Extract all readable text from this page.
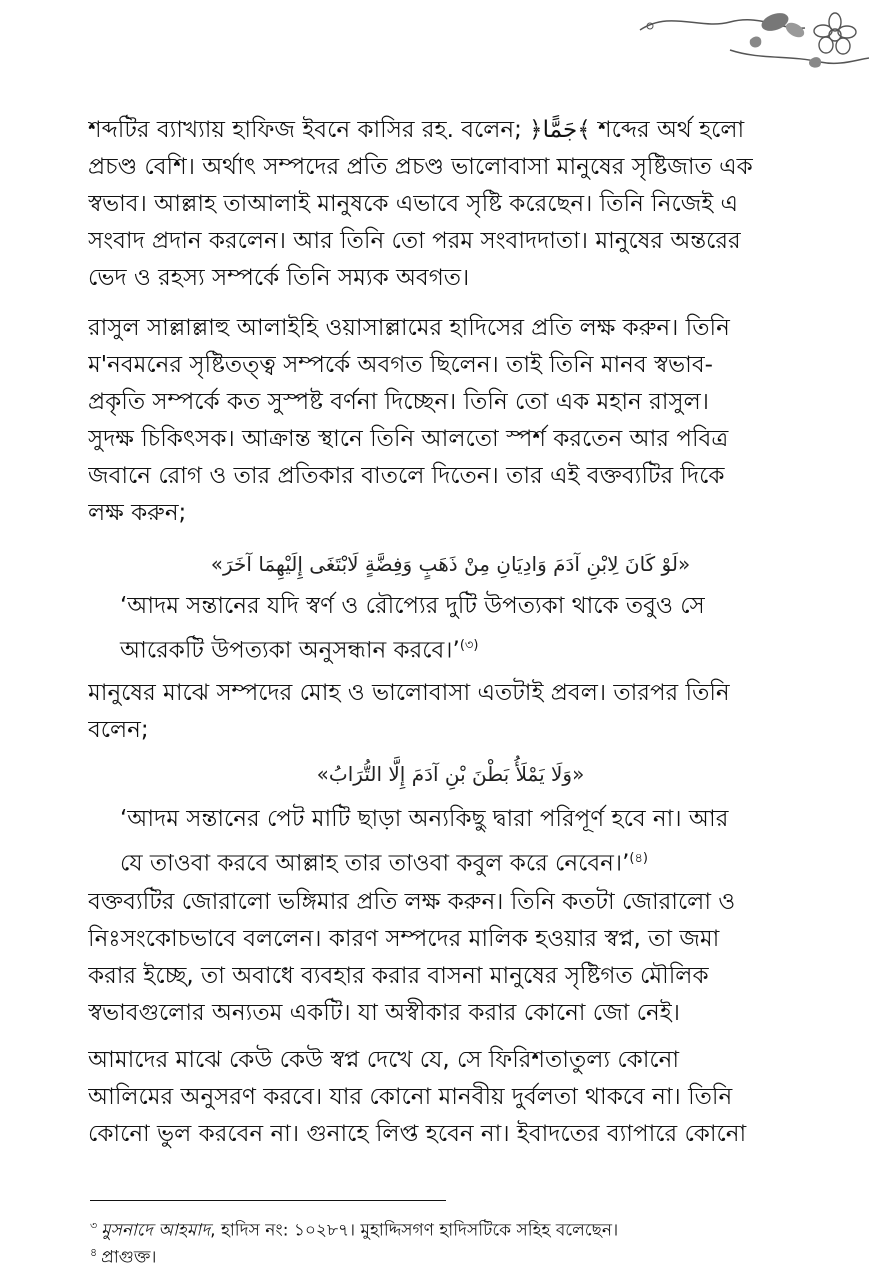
শব্দটির ব্যাখ্যায় হাফিজ ইবনে কাসির রহ. বলেন; ﴿جَمًّا﴾ শব্দের অর্থ হলো
প্রচণ্ড বেশি। অর্থাৎ সম্পদের প্রতি প্রচণ্ড ভালোবাসা মানুষের সৃষ্টিজাত এক
স্বভাব। আল্লাহ তাআলাই মানুষকে এভাবে সৃষ্টি করেছেন। তিনি নিজেই এ
সংবাদ প্রদান করলেন। আর তিনি তো পরম সংবাদদাতা। মানুষের অন্তরের
ভেদ ও রহস্য সম্পর্কে তিনি সম্যক অবগত।
রাসুল সাল্লাল্লাহু আলাইহি ওয়াসাল্লামের হাদিসের প্রতি লক্ষ করুন। তিনি
ম'নবমনের সৃষ্টিতত্ত্ব সম্পর্কে অবগত ছিলেন। তাই তিনি মানব স্বভাব-
প্রকৃতি সম্পর্কে কত সুস্পষ্ট বর্ণনা দিচ্ছেন। তিনি তো এক মহান রাসুল।
সুদক্ষ চিকিৎসক। আক্রান্ত স্থানে তিনি আলতো স্পর্শ করতেন আর পবিত্র
জবানে রোগ ও তার প্রতিকার বাতলে দিতেন। তার এই বক্তব্যটির দিকে
লক্ষ করুন;
«لَوْ كَانَ لِابْنِ آدَمَ وَادِيَانِ مِنْ ذَهَبٍ وَفِضَّةٍ لَابْتَغَى إِلَيْهِمَا آخَرَ»
‘আদম সন্তানের যদি স্বর্ণ ও রৌপ্যের দুটি উপত্যকা থাকে তবুও সে
আরেকটি উপত্যকা অনুসন্ধান করবে।’$^{(৩)}$
মানুষের মাঝে সম্পদের মোহ ও ভালোবাসা এতটাই প্রবল। তারপর তিনি
বলেন;
«وَلَا يَمْلَأُ بَطْنَ بْنِ آدَمَ إِلَّا التُّرَابُ»
‘আদম সন্তানের পেট মাটি ছাড়া অন্যকিছু দ্বারা পরিপূর্ণ হবে না। আর
যে তাওবা করবে আল্লাহ তার তাওবা কবুল করে নেবেন।’$^{(৪)}$
বক্তব্যটির জোরালো ভঙ্গিমার প্রতি লক্ষ করুন। তিনি কতটা জোরালো ও
নিঃসংকোচভাবে বললেন। কারণ সম্পদের মালিক হওয়ার স্বপ্ন, তা জমা
করার ইচ্ছে, তা অবাধে ব্যবহার করার বাসনা মানুষের সৃষ্টিগত মৌলিক
স্বভাবগুলোর অন্যতম একটি। যা অস্বীকার করার কোনো জো নেই।
আমাদের মাঝে কেউ কেউ স্বপ্ন দেখে যে, সে ফিরিশতাতুল্য কোনো
আলিমের অনুসরণ করবে। যার কোনো মানবীয় দুর্বলতা থাকবে না। তিনি
কোনো ভুল করবেন না। গুনাহে লিপ্ত হবেন না। ইবাদতের ব্যাপারে কোনো
$^৩$ মুসনাদে আহমাদ, হাদিস নং: ১০২৮৭। মুহাদ্দিসগণ হাদিসটিকে সহিহ বলেছেন।
$^৪$ প্রাগুক্ত।
